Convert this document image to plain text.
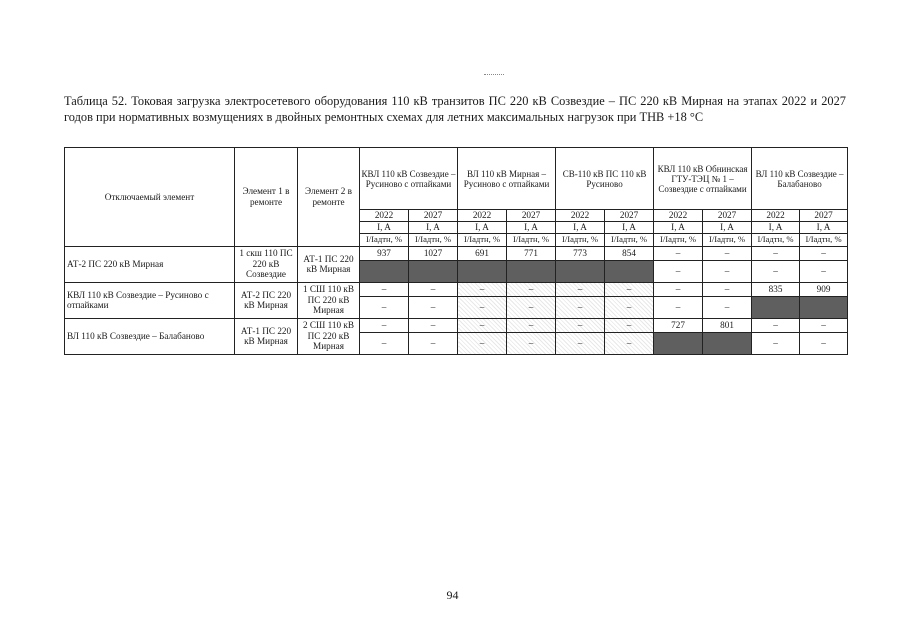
Таблица 52. Токовая загрузка электросетевого оборудования 110 кВ транзитов ПС 220 кВ Созвездие – ПС 220 кВ Мирная на этапах 2022 и 2027 годов при нормативных возмущениях в двойных ремонтных схемах для летних максимальных нагрузок при ТНВ +18 °С
Отключаемый элемент	Элемент 1 в ремонте	Элемент 2 в ремонте	КВЛ 110 кВ Созвездие – Русиново с отпайками		ВЛ 110 кВ Мирная – Русиново с отпайками		СВ-110 кВ ПС 110 кВ Русиново		КВЛ 110 кВ Обнинская ГТУ-ТЭЦ № 1 – Созвездие с отпайками		ВЛ 110 кВ Созвездие – Балабаново	
			2022	2027	2022	2027	2022	2027	2022	2027	2022	2027
			I, A	I, A	I, A	I, A	I, A	I, A	I, A	I, A	I, A	I, A
			I/Iадтн, %	I/Iадтн, %	I/Iадтн, %	I/Iадтн, %	I/Iадтн, %	I/Iадтн, %	I/Iадтн, %	I/Iадтн, %	I/Iадтн, %	I/Iадтн, %
АТ-2 ПС 220 кВ Мирная	1 скш 110 ПС 220 кВ Созвездие	АТ-1 ПС 220 кВ Мирная	937	1027	691	771	773	854	–	–	–	–
									–	–	–	–
КВЛ 110 кВ Созвездие – Русиново с отпайками	АТ-2 ПС 220 кВ Мирная	1 СШ 110 кВ ПС 220 кВ Мирная	–	–	–	–	–	–	–	–	835	909
			–	–	–	–	–	–	–	–		
ВЛ 110 кВ Созвездие – Балабаново	АТ-1 ПС 220 кВ Мирная	2 СШ 110 кВ ПС 220 кВ Мирная	–	–	–	–	–	–	727	801	–	–
			–	–	–	–	–	–			–	–
94
